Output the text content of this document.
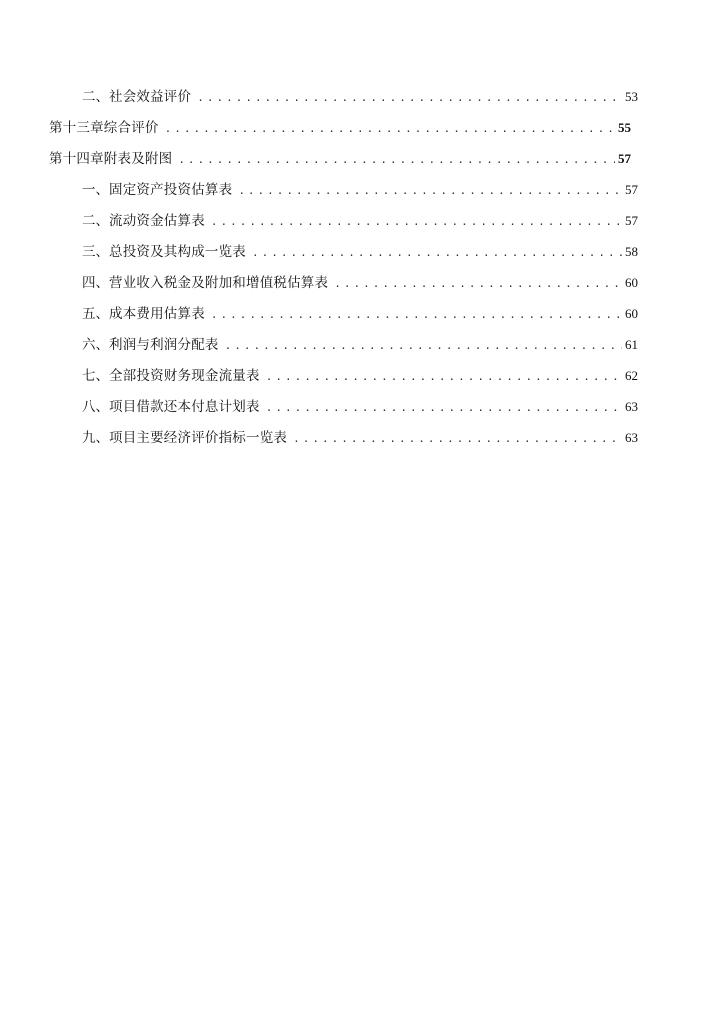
二、 社会效益评价 .....	53
第十三章综合评价 .....	55
第十四章附表及附图 .....	57
一、 固定资产投资估算表 .....	57
二、 流动资金估算表 .....	57
三、 总投资及其构成一览表 .....	58
四、 营业收入税金及附加和增值税估算表 .....	60
五、 成本费用估算表 .....	60
六、 利润与利润分配表 .....	61
七、 全部投资财务现金流量表 .....	62
八、 项目借款还本付息计划表 .....	63
九、 项目主要经济评价指标一览表 .....	63
